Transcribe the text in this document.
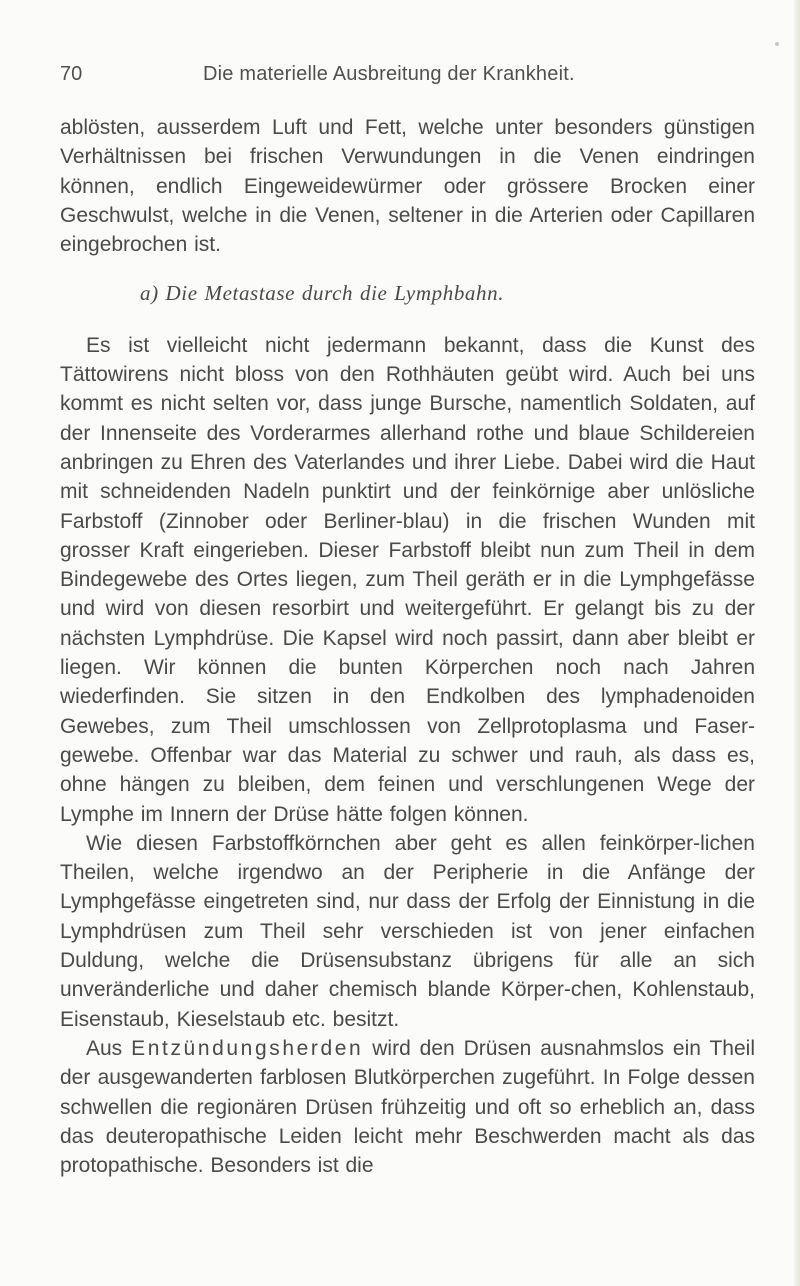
70	Die materielle Ausbreitung der Krankheit.

ablösten, ausserdem Luft und Fett, welche unter besonders günstigen Verhältnissen bei frischen Verwundungen in die Venen eindringen können, endlich Eingeweidewürmer oder grössere Brocken einer Geschwulst, welche in die Venen, seltener in die Arterien oder Capillaren eingebrochen ist.

a) Die Metastase durch die Lymphbahn.

Es ist vielleicht nicht jedermann bekannt, dass die Kunst des Tättowirens nicht bloss von den Rothhäuten geübt wird. Auch bei uns kommt es nicht selten vor, dass junge Bursche, namentlich Soldaten, auf der Innenseite des Vorderarmes allerhand rothe und blaue Schildereien anbringen zu Ehren des Vaterlandes und ihrer Liebe. Dabei wird die Haut mit schneidenden Nadeln punktirt und der feinkörnige aber unlösliche Farbstoff (Zinnober oder Berliner-blau) in die frischen Wunden mit grosser Kraft eingerieben. Dieser Farbstoff bleibt nun zum Theil in dem Bindegewebe des Ortes liegen, zum Theil geräth er in die Lymphgefässe und wird von diesen resorbirt und weitergeführt. Er gelangt bis zu der nächsten Lymphdrüse. Die Kapsel wird noch passirt, dann aber bleibt er liegen. Wir können die bunten Körperchen noch nach Jahren wiederfinden. Sie sitzen in den Endkolben des lymphadenoiden Gewebes, zum Theil umschlossen von Zellprotoplasma und Faser-gewebe. Offenbar war das Material zu schwer und rauh, als dass es, ohne hängen zu bleiben, dem feinen und verschlungenen Wege der Lymphe im Innern der Drüse hätte folgen können.

Wie diesen Farbstoffkörnchen aber geht es allen feinkörper-lichen Theilen, welche irgendwo an der Peripherie in die Anfänge der Lymphgefässe eingetreten sind, nur dass der Erfolg der Einnistung in die Lymphdrüsen zum Theil sehr verschieden ist von jener einfachen Duldung, welche die Drüsensubstanz übrigens für alle an sich unveränderliche und daher chemisch blande Körper-chen, Kohlenstaub, Eisenstaub, Kieselstaub etc. besitzt.

Aus Entzündungsherden wird den Drüsen ausnahmslos ein Theil der ausgewanderten farblosen Blutkörperchen zugeführt. In Folge dessen schwellen die regionären Drüsen frühzeitig und oft so erheblich an, dass das deuteropathische Leiden leicht mehr Beschwerden macht als das protopathische. Besonders ist die
